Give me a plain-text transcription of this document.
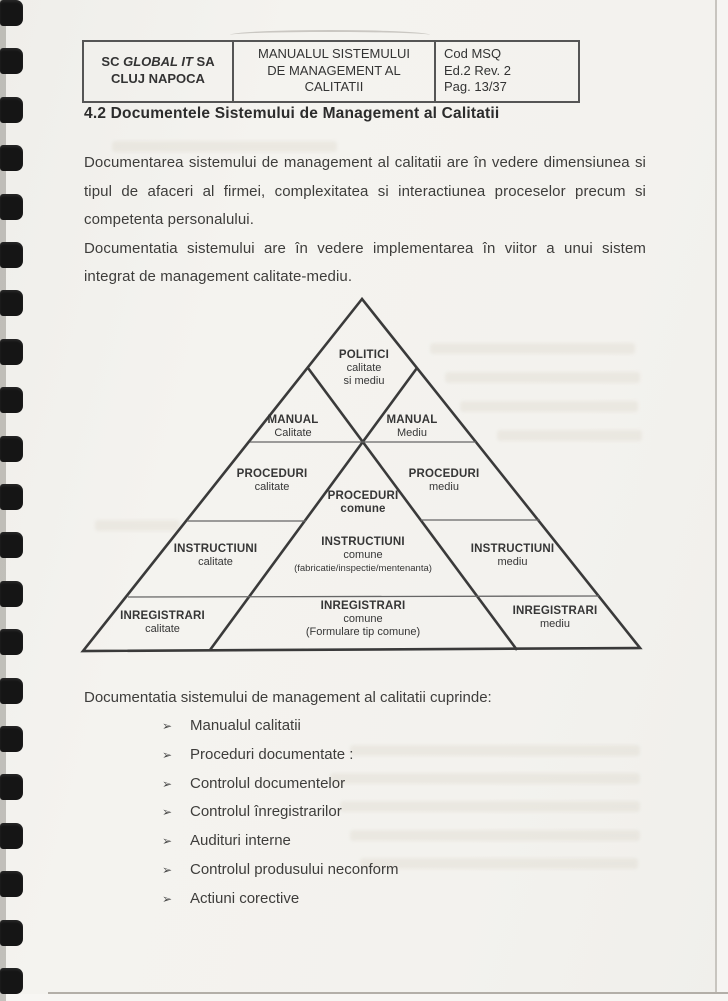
SC GLOBAL IT SA
CLUJ NAPOCA
MANUALUL SISTEMULUI
DE MANAGEMENT AL
CALITATII
Cod MSQ
Ed.2 Rev. 2
Pag. 13/37
4.2 Documentele Sistemului de Management al Calitatii

Documentarea sistemului de management al calitatii are în vedere dimensiunea si tipul de afaceri al firmei, complexitatea si interactiunea proceselor precum si competenta personalului.

Documentatia sistemului are în vedere implementarea în viitor a unui sistem integrat de management calitate-mediu.

POLITICI
calitate
si mediu
MANUAL
Calitate
MANUAL
Mediu
PROCEDURI
calitate
PROCEDURI
mediu
PROCEDURI
comune
INSTRUCTIUNI
calitate
INSTRUCTIUNI
comune
(fabricatie/inspectie/mentenanta)
INSTRUCTIUNI
mediu
INREGISTRARI
calitate
INREGISTRARI
comune
(Formulare tip comune)
INREGISTRARI
mediu
Documentatia sistemului de management al calitatii cuprinde:
➢ Manualul calitatii
➢ Proceduri documentate :
➢ Controlul documentelor
➢ Controlul înregistrarilor
➢ Audituri interne
➢ Controlul produsului neconform
➢ Actiuni corective
